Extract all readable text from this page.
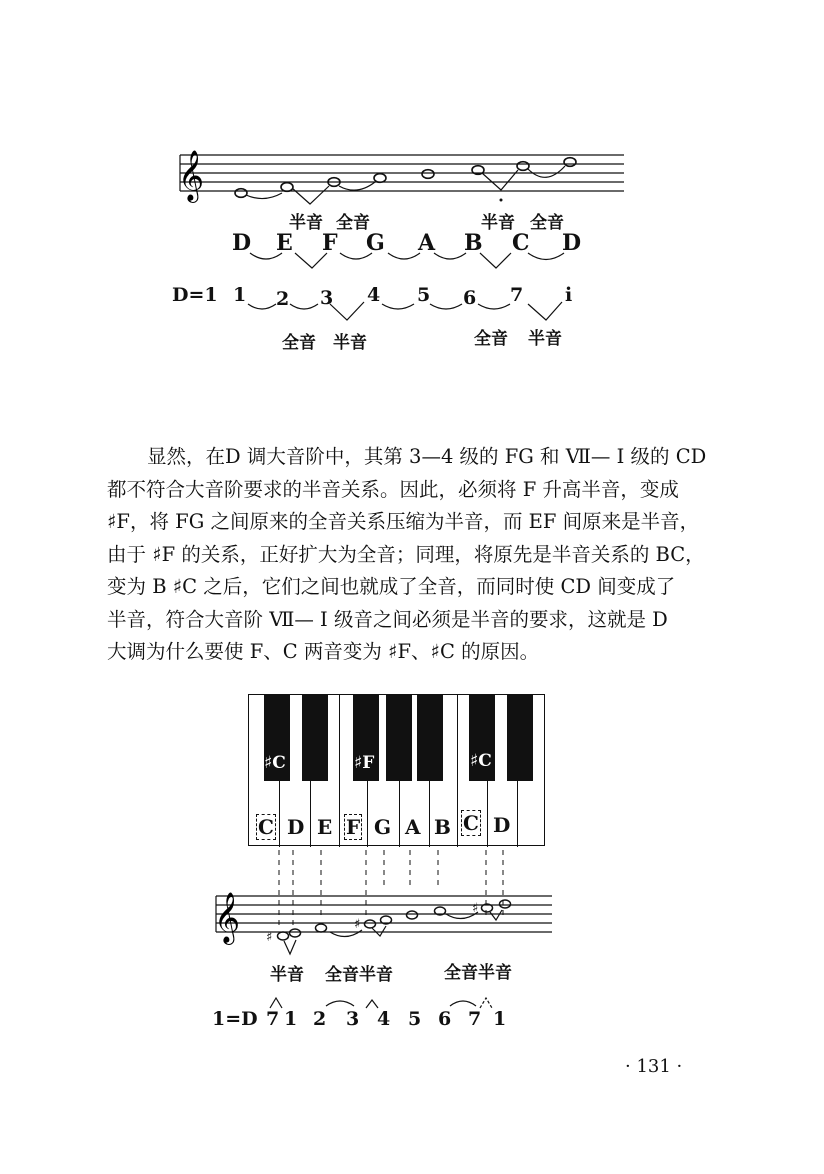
𝄞
半音 全音	半音 全音
D E F G A B C D
D=1 1 2 3 4 5 6 7 i
全音 半音	全音 半音

显然，在D 调大音阶中，其第 3—4 级的 FG 和 Ⅶ— Ⅰ 级的 CD

都不符合大音阶要求的半音关系。因此，必须将 F 升高半音，变成

♯F，将 FG 之间原来的全音关系压缩为半音，而 EF 间原来是半音，

由于 ♯F 的关系，正好扩大为全音；同理，将原先是半音关系的 BC，

变为 B ♯C 之后，它们之间也就成了全音，而同时使 CD 间变成了

半音，符合大音阶 Ⅶ— Ⅰ 级音之间必须是半音的要求，这就是 D

大调为什么要使 F、C 两音变为 ♯F、♯C 的原因。

♯C	♯F	♯C
C D E F G A B C D
𝄞 ♯
♯
♯
半音 全音半音	全音半音
1=D 7 1 2 3 4 5 6 7 1
· 131 ·
